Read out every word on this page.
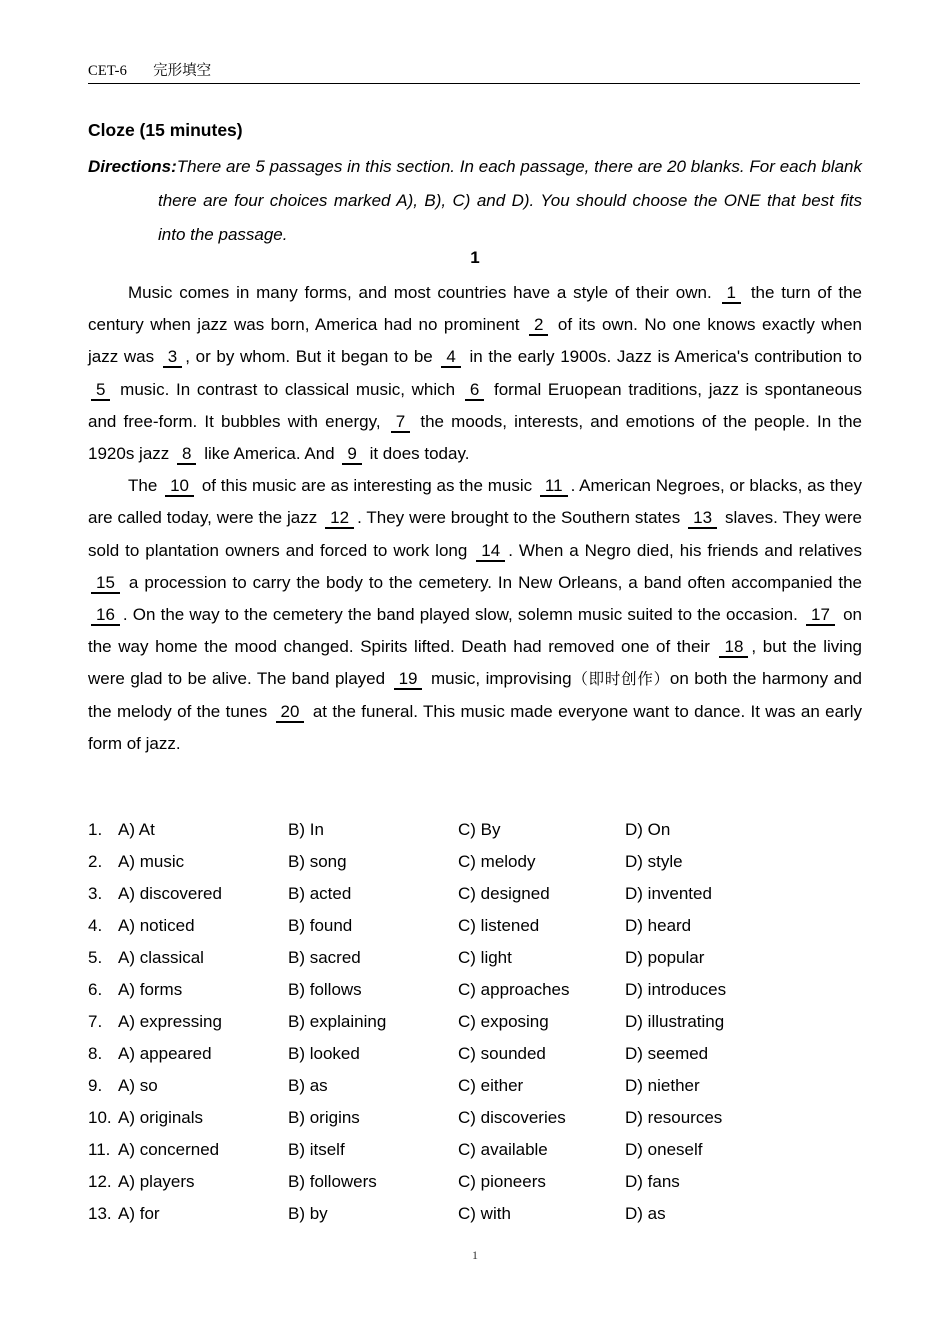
CET-6 完形填空
Cloze (15 minutes)
Directions: There are 5 passages in this section. In each passage, there are 20 blanks. For each blank there are four choices marked A), B), C) and D). You should choose the ONE that best fits into the passage.
1

Music comes in many forms, and most countries have a style of their own. 1 the turn of the century when jazz was born, America had no prominent 2 of its own. No one knows exactly when jazz was 3 , or by whom. But it began to be 4 in the early 1900s. Jazz is America's contribution to 5 music. In contrast to classical music, which 6 formal Eruopean traditions, jazz is spontaneous and free-form. It bubbles with energy, 7 the moods, interests, and emotions of the people. In the 1920s jazz 8 like America. And 9 it does today.

The 10 of this music are as interesting as the music 11 . American Negroes, or blacks, as they are called today, were the jazz 12 . They were brought to the Southern states 13 slaves. They were sold to plantation owners and forced to work long 14 . When a Negro died, his friends and relatives 15 a procession to carry the body to the cemetery. In New Orleans, a band often accompanied the 16 . On the way to the cemetery the band played slow, solemn music suited to the occasion. 17 on the way home the mood changed. Spirits lifted. Death had removed one of their 18 , but the living were glad to be alive. The band played 19 music, improvising（即时创作）on both the harmony and the melody of the tunes 20 at the funeral. This music made everyone want to dance. It was an early form of jazz.

1. A) At	B) In	C) By	D) On
2. A) music	B) song	C) melody	D) style
3. A) discovered	B) acted	C) designed	D) invented
4. A) noticed	B) found	C) listened	D) heard
5. A) classical	B) sacred	C) light	D) popular
6. A) forms	B) follows	C) approaches	D) introduces
7. A) expressing	B) explaining	C) exposing	D) illustrating
8. A) appeared	B) looked	C) sounded	D) seemed
9. A) so	B) as	C) either	D) niether
10. A) originals	B) origins	C) discoveries	D) resources
11. A) concerned	B) itself	C) available	D) oneself
12. A) players	B) followers	C) pioneers	D) fans
13. A) for	B) by	C) with	D) as
1
